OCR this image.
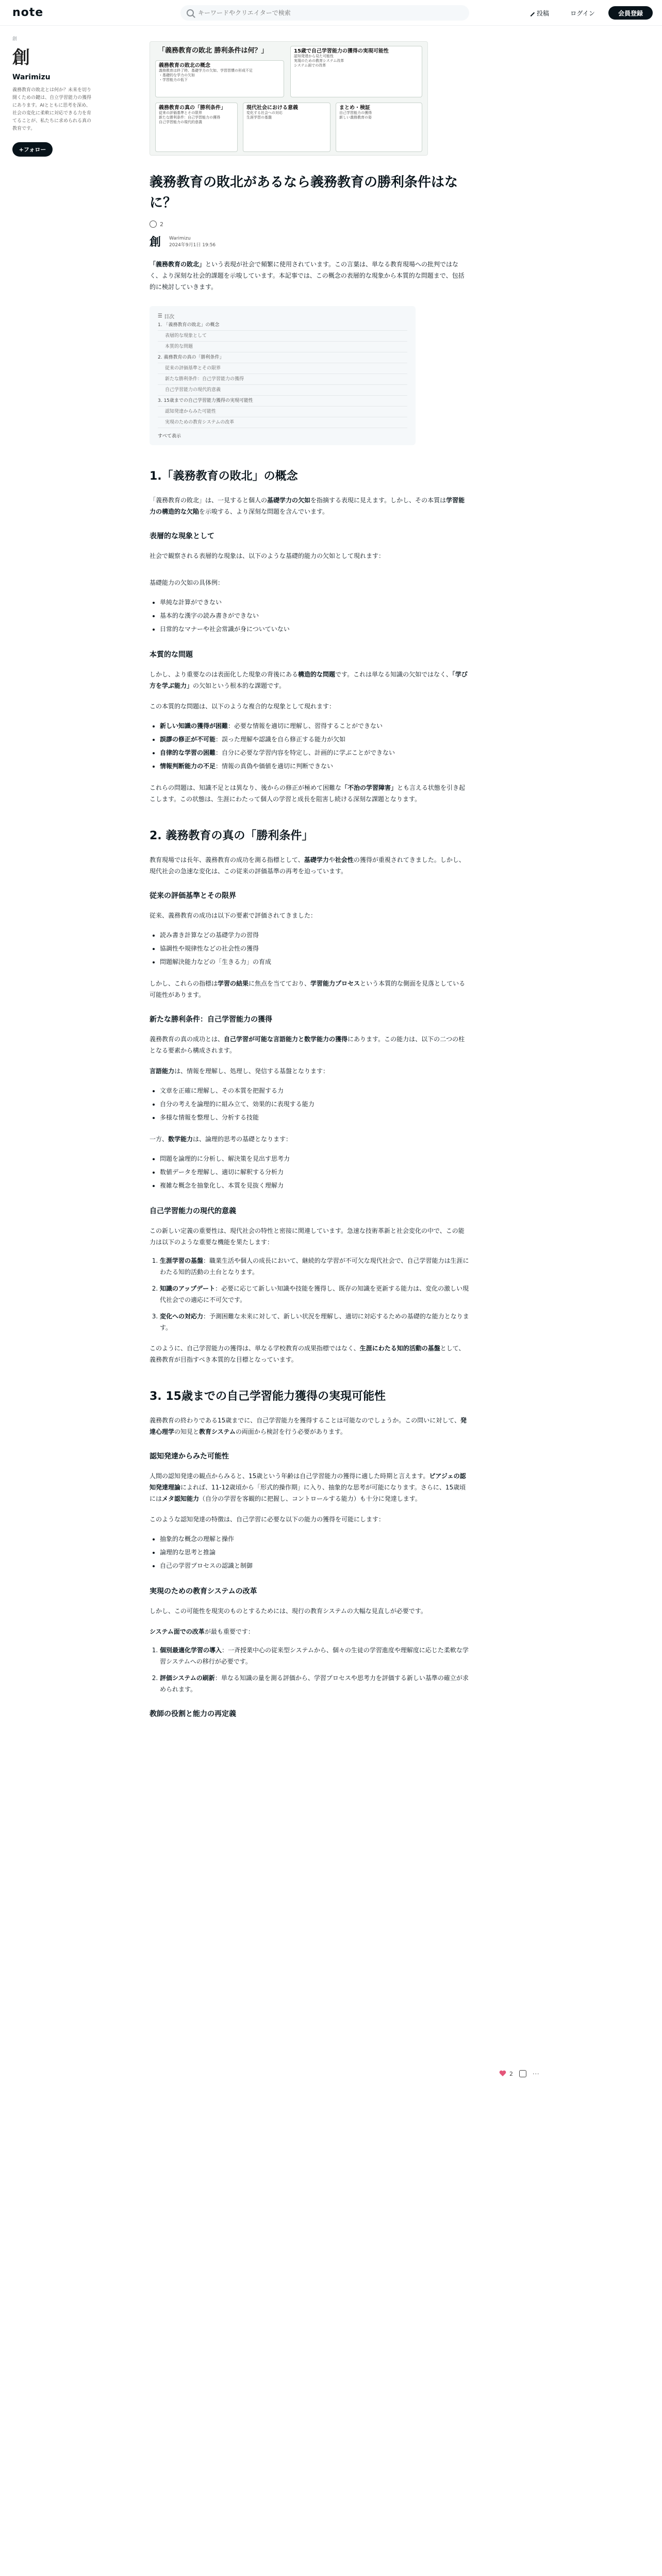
note
キーワードやクリエイターで検索	投稿	ログイン	会員登録
創
創
Warimizu
義務教育の敗北とは何か？未来を切り開くための鍵は、自立学習能力の獲得にあります。AIとともに思考を深め、社会の変化に柔軟に対応できる力を育てることが、私たちに求められる真の教育です。
+ フォロー
「義務教育の敗北 勝利条件は何？」
義務教育の敗北の概念
義務教育は終了時、基礎学力の欠如、学習習慣の形成不足
・基礎的な学力の欠如
・学習能力の低下
15歳で自己学習能力の獲得の実現可能性
認知発達から見た可能性
実現のための教育システム改革
システム面での改革
義務教育の真の「勝利条件」
従来の評価基準とその限界
新たな勝利条件：自己学習能力の獲得
自己学習能力の現代的意義
現代社会における意義
変化する社会への対応
生涯学習の基盤
まとめ・検証
自己学習能力の獲得
新しい義務教育の姿
義務教育の敗北があるなら義務教育の勝利条件はなに？
2
創	Warimizu
2024年9月1日 19:56

「義務教育の敗北」という表現が社会で頻繁に使用されています。この言葉は、単なる教育現場への批判ではなく、より深刻な社会的課題を示唆しています。本記事では、この概念の表層的な現象から本質的な問題まで、包括的に検討していきます。

☰ 目次
1. 「義務教育の敗北」の概念
表層的な現象として
本質的な問題
2. 義務教育の真の「勝利条件」
従来の評価基準とその限界
新たな勝利条件：自己学習能力の獲得
自己学習能力の現代的意義
3. 15歳までの自己学習能力獲得の実現可能性
認知発達からみた可能性
実現のための教育システムの改革
すべて表示
1.「義務教育の敗北」の概念

「義務教育の敗北」は、一見すると個人の基礎学力の欠如を指摘する表現に見えます。しかし、その本質は学習能力の構造的な欠陥を示唆する、より深刻な問題を含んでいます。

表層的な現象として

社会で観察される表層的な現象は、以下のような基礎的能力の欠如として現れます：

基礎能力の欠如の具体例：

• 単純な計算ができない
• 基本的な漢字の読み書きができない
• 日常的なマナーや社会常識が身についていない
本質的な問題

しかし、より重要なのは表面化した現象の背後にある構造的な問題です。これは単なる知識の欠如ではなく、「学び方を学ぶ能力」の欠如という根本的な課題です。

この本質的な問題は、以下のような複合的な現象として現れます：

• 新しい知識の獲得が困難：必要な情報を適切に理解し、習得することができない
• 誤謬の修正が不可能：誤った理解や認識を自ら修正する能力が欠如
• 自律的な学習の困難：自分に必要な学習内容を特定し、計画的に学ぶことができない
• 情報判断能力の不足：情報の真偽や価値を適切に判断できない

これらの問題は、知識不足とは異なり、後からの修正が極めて困難な「不治の学習障害」とも言える状態を引き起こします。この状態は、生涯にわたって個人の学習と成長を阻害し続ける深刻な課題となります。

2. 義務教育の真の「勝利条件」

教育現場では長年、義務教育の成功を測る指標として、基礎学力や社会性の獲得が重視されてきました。しかし、現代社会の急速な変化は、この従来の評価基準の再考を迫っています。

従来の評価基準とその限界

従来、義務教育の成功は以下の要素で評価されてきました：

• 読み書き計算などの基礎学力の習得
• 協調性や規律性などの社会性の獲得
• 問題解決能力などの「生きる力」の育成

しかし、これらの指標は学習の結果に焦点を当てており、学習能力プロセスという本質的な側面を見落としている可能性があります。

新たな勝利条件：自己学習能力の獲得

義務教育の真の成功とは、自己学習が可能な言語能力と数学能力の獲得にあります。この能力は、以下の二つの柱となる要素から構成されます。

言語能力は、情報を理解し、処理し、発信する基盤となります：

• 文章を正確に理解し、その本質を把握する力
• 自分の考えを論理的に組み立て、効果的に表現する能力
• 多様な情報を整理し、分析する技能

一方、数学能力は、論理的思考の基礎となります：

• 問題を論理的に分析し、解決策を見出す思考力
• 数値データを理解し、適切に解釈する分析力
• 複雑な概念を抽象化し、本質を見抜く理解力
自己学習能力の現代的意義

この新しい定義の重要性は、現代社会の特性と密接に関連しています。急速な技術革新と社会変化の中で、この能力は以下のような重要な機能を果たします：

1. 生涯学習の基盤：職業生活や個人の成長において、継続的な学習が不可欠な現代社会で、自己学習能力は生涯にわたる知的活動の土台となります。
2. 知識のアップデート：必要に応じて新しい知識や技能を獲得し、既存の知識を更新する能力は、変化の激しい現代社会での適応に不可欠です。
3. 変化への対応力：予測困難な未来に対して、新しい状況を理解し、適切に対応するための基礎的な能力となります。

このように、自己学習能力の獲得は、単なる学校教育の成果指標ではなく、生涯にわたる知的活動の基盤として、義務教育が目指すべき本質的な目標となっています。

3. 15歳までの自己学習能力獲得の実現可能性

義務教育の終わりである15歳までに、自己学習能力を獲得することは可能なのでしょうか。この問いに対して、発達心理学の知見と教育システムの両面から検討を行う必要があります。

認知発達からみた可能性

人間の認知発達の観点からみると、15歳という年齢は自己学習能力の獲得に適した時期と言えます。ピアジェの認知発達理論によれば、11-12歳頃から「形式的操作期」に入り、抽象的な思考が可能になります。さらに、15歳頃にはメタ認知能力（自分の学習を客観的に把握し、コントロールする能力）も十分に発達します。

このような認知発達の特徴は、自己学習に必要な以下の能力の獲得を可能にします：

• 抽象的な概念の理解と操作
• 論理的な思考と推論
• 自己の学習プロセスの認識と制御
実現のための教育システムの改革

しかし、この可能性を現実のものとするためには、現行の教育システムの大幅な見直しが必要です。

システム面での改革が最も重要です：

1. 個別最適化学習の導入：一斉授業中心の従来型システムから、個々の生徒の学習進度や理解度に応じた柔軟な学習システムへの移行が必要です。
2. 評価システムの刷新：単なる知識の量を測る評価から、学習プロセスや思考力を評価する新しい基準の確立が求められます。
教師の役割と能力の再定義
2	···
